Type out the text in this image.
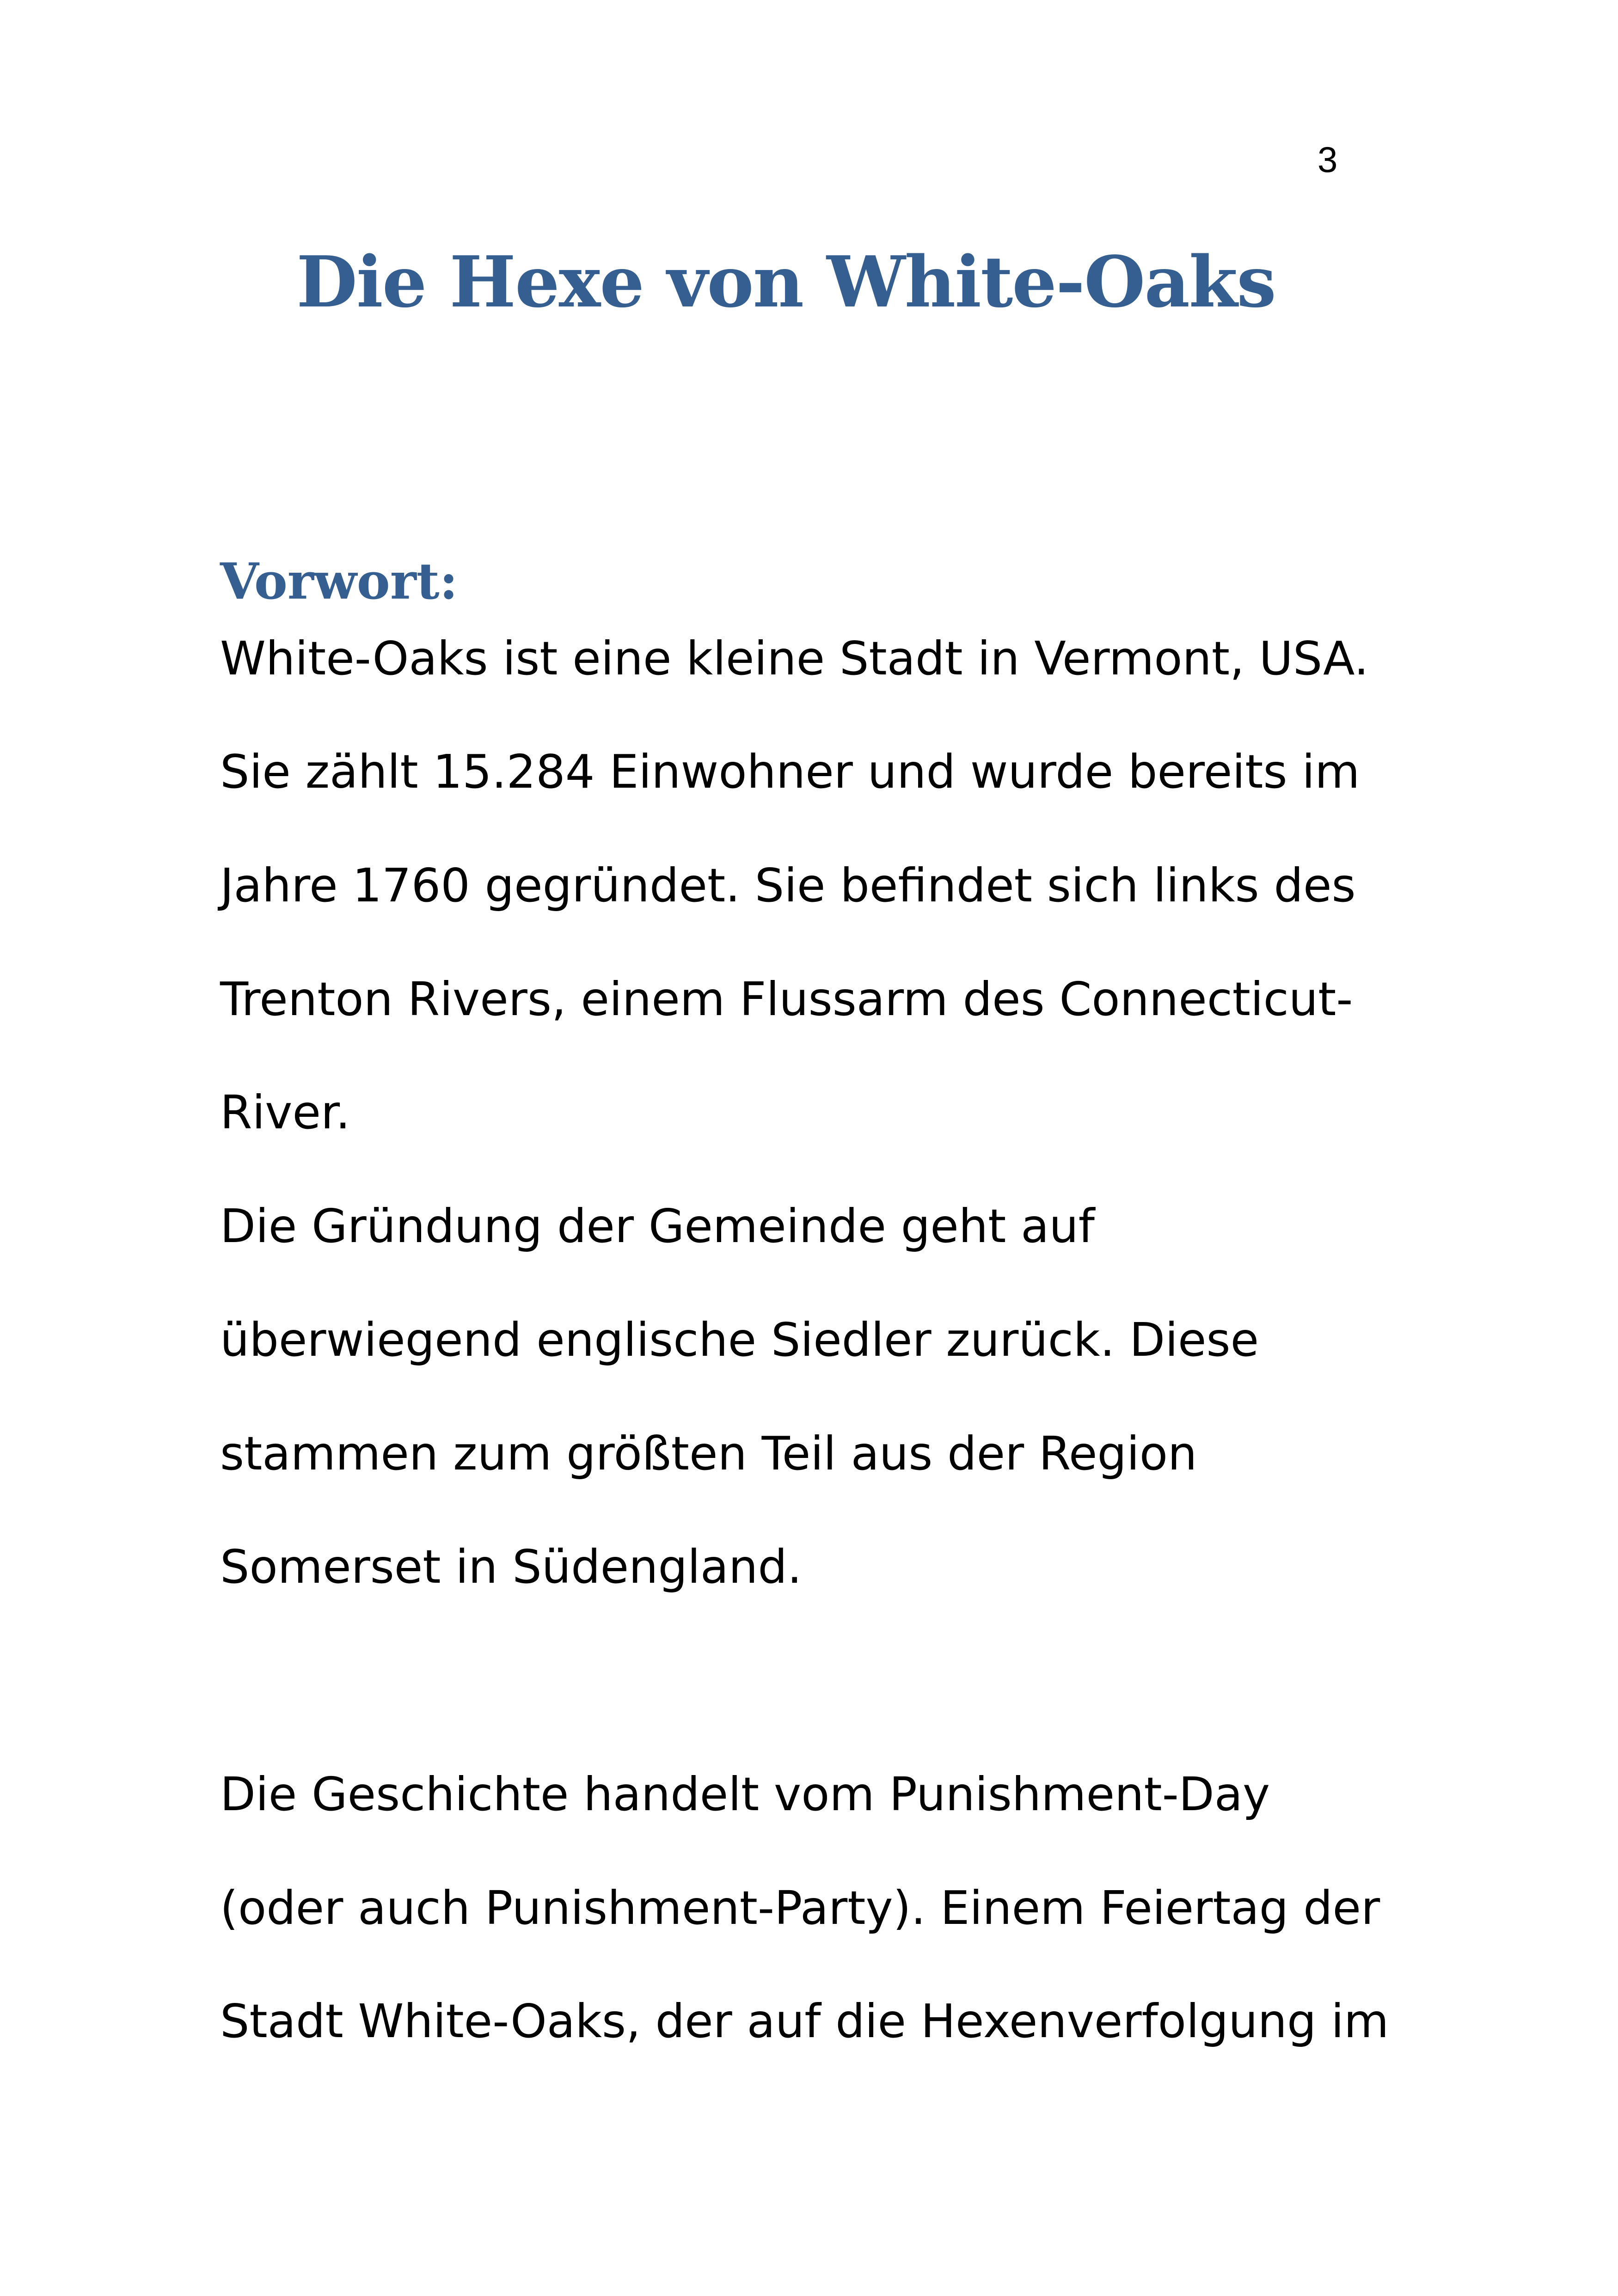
3
Die Hexe von White-Oaks
Vorwort:

White-Oaks ist eine kleine Stadt in Vermont, USA.

Sie zählt 15.284 Einwohner und wurde bereits im

Jahre 1760 gegründet. Sie befindet sich links des

Trenton Rivers, einem Flussarm des Connecticut-

River.

Die Gründung der Gemeinde geht auf

überwiegend englische Siedler zurück. Diese

stammen zum größten Teil aus der Region

Somerset in Südengland.

Die Geschichte handelt vom Punishment-Day

(oder auch Punishment-Party). Einem Feiertag der

Stadt White-Oaks, der auf die Hexenverfolgung im
